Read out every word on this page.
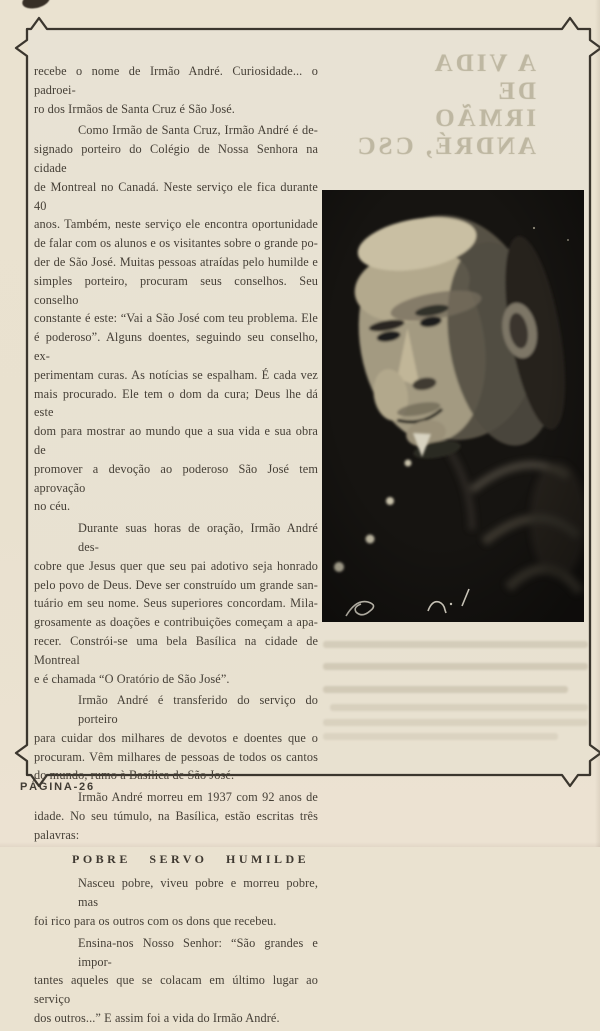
A VIDA
DE
IRMÃO
ANDRÉ, CSC
recebe o nome de Irmão André. Curiosidade... o padroei-
ro dos Irmãos de Santa Cruz é São José.
Como Irmão de Santa Cruz, Irmão André é de-
signado porteiro do Colégio de Nossa Senhora na cidade
de Montreal no Canadá. Neste serviço ele fica durante 40
anos. Também, neste serviço ele encontra oportunidade
de falar com os alunos e os visitantes sobre o grande po-
der de São José. Muitas pessoas atraídas pelo humilde e
simples porteiro, procuram seus conselhos. Seu conselho
constante é este: “Vai a São José com teu problema. Ele
é poderoso”. Alguns doentes, seguindo seu conselho, ex-
perimentam curas. As notícias se espalham. É cada vez
mais procurado. Ele tem o dom da cura; Deus lhe dá este
dom para mostrar ao mundo que a sua vida e sua obra de
promover a devoção ao poderoso São José tem aprovação
no céu.
Durante suas horas de oração, Irmão André des-
cobre que Jesus quer que seu pai adotivo seja honrado
pelo povo de Deus. Deve ser construído um grande san-
tuário em seu nome. Seus superiores concordam. Mila-
grosamente as doações e contribuições começam a apa-
recer. Constrói-se uma bela Basílica na cidade de Montreal
e é chamada “O Oratório de São José”.
Irmão André é transferido do serviço do porteiro
para cuidar dos milhares de devotos e doentes que o
procuram. Vêm milhares de pessoas de todos os cantos
do mundo, rumo à Basílica de São José.
Irmão André morreu em 1937 com 92 anos de
idade. No seu túmulo, na Basílica, estão escritas três
palavras:
POBRE SERVO HUMILDE
Nasceu pobre, viveu pobre e morreu pobre, mas
foi rico para os outros com os dons que recebeu.
Ensina-nos Nosso Senhor: “São grandes e impor-
tantes aqueles que se colacam em último lugar ao serviço
dos outros...” E assim foi a vida do Irmão André.
PÁGINA-26
